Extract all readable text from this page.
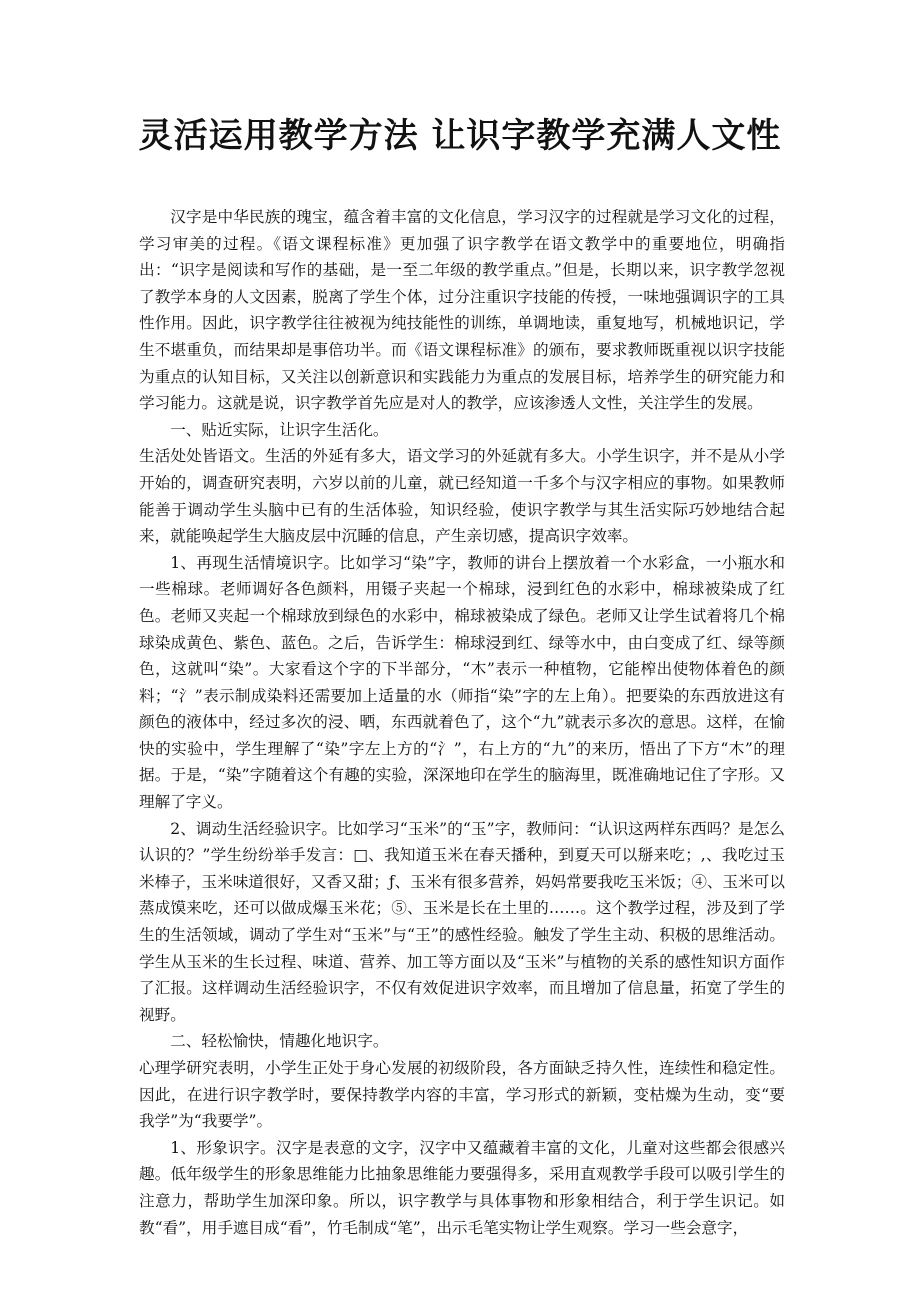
灵活运用教学方法 让识字教学充满人文性

汉字是中华民族的瑰宝，蕴含着丰富的文化信息，学习汉字的过程就是学习文化的过程，学习审美的过程。《语文课程标准》更加强了识字教学在语文教学中的重要地位，明确指出：“识字是阅读和写作的基础，是一至二年级的教学重点。”但是，长期以来，识字教学忽视了教学本身的人文因素，脱离了学生个体，过分注重识字技能的传授，一味地强调识字的工具性作用。因此，识字教学往往被视为纯技能性的训练，单调地读，重复地写，机械地识记，学生不堪重负，而结果却是事倍功半。而《语文课程标准》的颁布，要求教师既重视以识字技能为重点的认知目标，又关注以创新意识和实践能力为重点的发展目标，培养学生的研究能力和学习能力。这就是说，识字教学首先应是对人的教学，应该渗透人文性，关注学生的发展。

一、贴近实际，让识字生活化。

生活处处皆语文。生活的外延有多大，语文学习的外延就有多大。小学生识字，并不是从小学开始的，调查研究表明，六岁以前的儿童，就已经知道一千多个与汉字相应的事物。如果教师能善于调动学生头脑中已有的生活体验，知识经验，使识字教学与其生活实际巧妙地结合起来，就能唤起学生大脑皮层中沉睡的信息，产生亲切感，提高识字效率。

1、再现生活情境识字。比如学习“染”字，教师的讲台上摆放着一个水彩盒，一小瓶水和一些棉球。老师调好各色颜料，用镊子夹起一个棉球，浸到红色的水彩中，棉球被染成了红色。老师又夹起一个棉球放到绿色的水彩中，棉球被染成了绿色。老师又让学生试着将几个棉球染成黄色、紫色、蓝色。之后，告诉学生：棉球浸到红、绿等水中，由白变成了红、绿等颜色，这就叫“染”。大家看这个字的下半部分，“木”表示一种植物，它能榨出使物体着色的颜料；“氵”表示制成染料还需要加上适量的水（师指“染”字的左上角）。把要染的东西放进这有颜色的液体中，经过多次的浸、晒，东西就着色了，这个“九”就表示多次的意思。这样，在愉快的实验中，学生理解了“染”字左上方的“氵”，右上方的“九”的来历，悟出了下方“木”的理据。于是，“染”字随着这个有趣的实验，深深地印在学生的脑海里，既准确地记住了字形。又理解了字义。

2、调动生活经验识字。比如学习“玉米”的“玉”字，教师问：“认识这两样东西吗？是怎么认识的？”学生纷纷举手发言：□、我知道玉米在春天播种，到夏天可以掰来吃；,、我吃过玉米棒子，玉米味道很好，又香又甜；ƒ、玉米有很多营养，妈妈常要我吃玉米饭；④、玉米可以蒸成馍来吃，还可以做成爆玉米花；⑤、玉米是长在土里的……。这个教学过程，涉及到了学生的生活领域，调动了学生对“玉米”与“王”的感性经验。触发了学生主动、积极的思维活动。学生从玉米的生长过程、味道、营养、加工等方面以及“玉米”与植物的关系的感性知识方面作了汇报。这样调动生活经验识字，不仅有效促进识字效率，而且增加了信息量，拓宽了学生的视野。

二、轻松愉快，情趣化地识字。

心理学研究表明，小学生正处于身心发展的初级阶段，各方面缺乏持久性，连续性和稳定性。因此，在进行识字教学时，要保持教学内容的丰富，学习形式的新颖，变枯燥为生动，变“要我学”为“我要学”。

1、形象识字。汉字是表意的文字，汉字中又蕴藏着丰富的文化，儿童对这些都会很感兴趣。低年级学生的形象思维能力比抽象思维能力要强得多，采用直观教学手段可以吸引学生的注意力，帮助学生加深印象。所以，识字教学与具体事物和形象相结合，利于学生识记。如教“看”，用手遮目成“看”，竹毛制成“笔”，出示毛笔实物让学生观察。学习一些会意字，
